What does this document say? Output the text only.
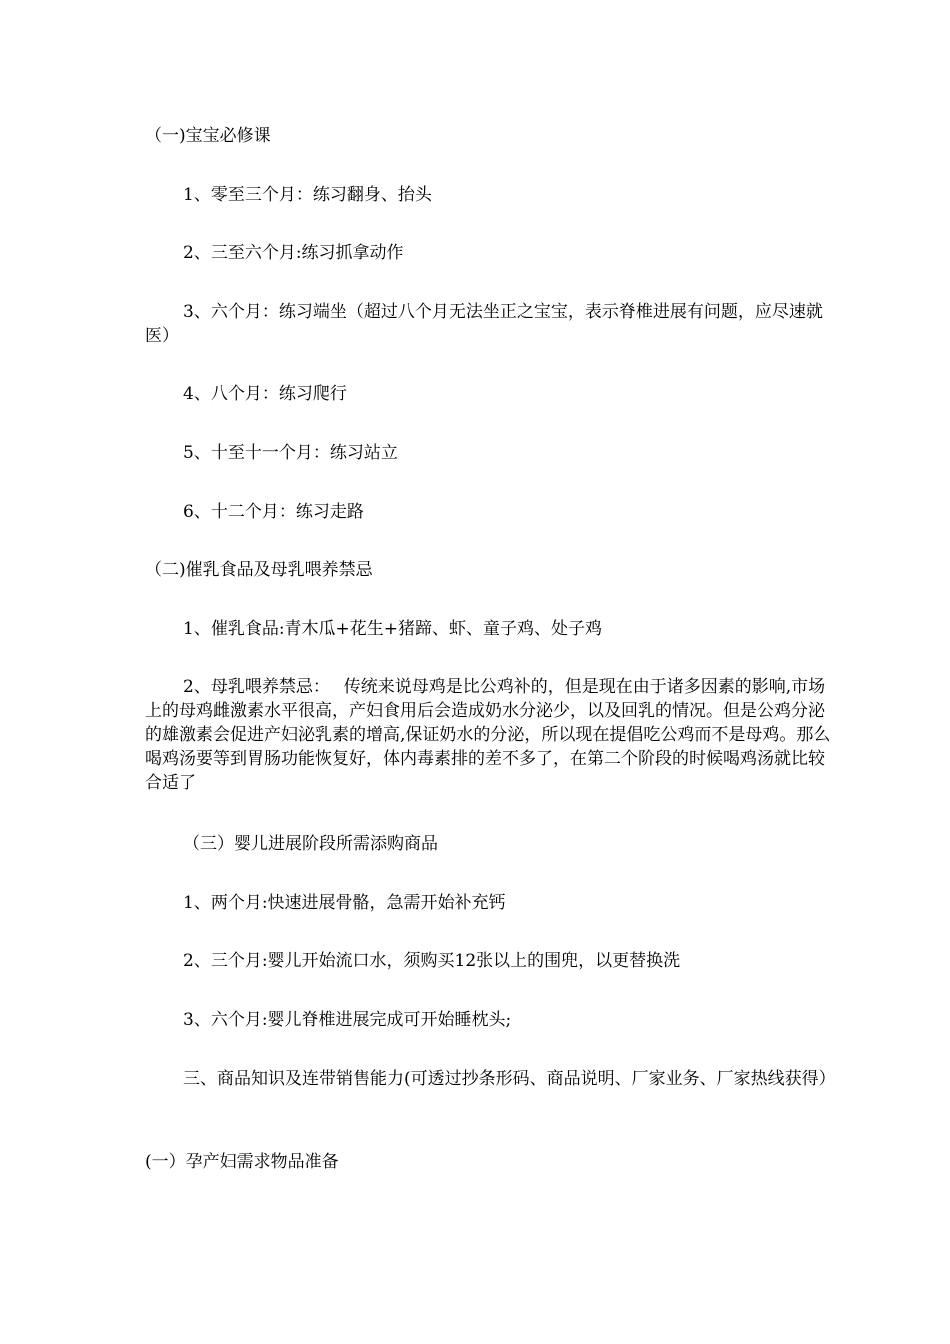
（一)宝宝必修课

1、零至三个月：练习翻身、抬头

2、三至六个月:练习抓拿动作

3、六个月：练习端坐（超过八个月无法坐正之宝宝，表示脊椎进展有问题，应尽速就医）

4、八个月：练习爬行

5、十至十一个月：练习站立

6、十二个月：练习走路

（二)催乳食品及母乳喂养禁忌

1、催乳食品:青木瓜+花生+猪蹄、虾、童子鸡、处子鸡

2、母乳喂养禁忌：　 传统来说母鸡是比公鸡补的，但是现在由于诸多因素的影响,市场上的母鸡雌激素水平很高，产妇食用后会造成奶水分泌少，以及回乳的情况。但是公鸡分泌的雄激素会促进产妇泌乳素的增高,保证奶水的分泌，所以现在提倡吃公鸡而不是母鸡。那么喝鸡汤要等到胃肠功能恢复好，体内毒素排的差不多了，在第二个阶段的时候喝鸡汤就比较合适了

（三）婴儿进展阶段所需添购商品

1、两个月:快速进展骨骼，急需开始补充钙

2、三个月:婴儿开始流口水，须购买12张以上的围兜，以更替换洗

3、六个月:婴儿脊椎进展完成可开始睡枕头;

三、商品知识及连带销售能力(可透过抄条形码、商品说明、厂家业务、厂家热线获得）

(一）孕产妇需求物品准备
